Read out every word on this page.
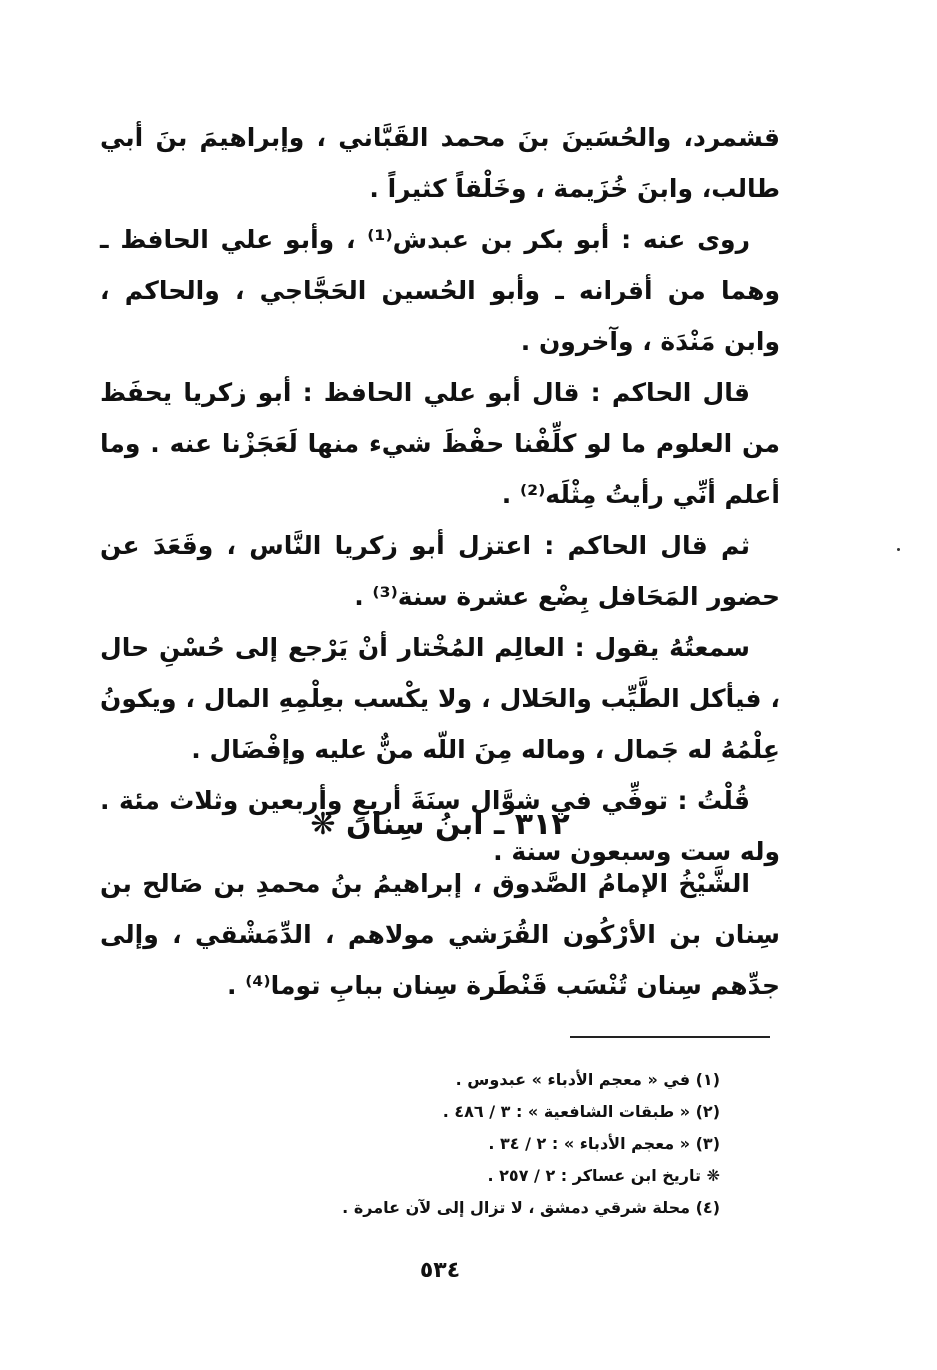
قشمرد، والحُسَينَ بنَ محمد القَبَّاني ، وإبراهيمَ بنَ أبي طالب، وابنَ خُزَيمة ، وخَلْقاً كثيراً .

روى عنه : أبو بكر بن عبدش⁽¹⁾ ، وأبو علي الحافظ ـ وهما من أقرانه ـ وأبو الحُسين الحَجَّاجي ، والحاكم ، وابن مَنْدَة ، وآخرون .

قال الحاكم : قال أبو علي الحافظ : أبو زكريا يحفَظ من العلوم ما لو كلِّفْنا حفْظَ شيء منها لَعَجَزْنا عنه . وما أعلم أنِّي رأيتُ مِثْلَه⁽²⁾ .

ثم قال الحاكم : اعتزل أبو زكريا النَّاس ، وقَعَدَ عن حضور المَحَافل بِضْع عشرة سنة⁽³⁾ .

سمعتُهُ يقول : العالِم المُخْتار أنْ يَرْجع إلى حُسْنِ حال ، فيأكل الطَّيِّب والحَلال ، ولا يكْسب بعِلْمِهِ المال ، ويكونُ عِلْمُهُ له جَمال ، وماله مِنَ اللّه منٌّ عليه وإفْضَال .

قُلْتُ : توفِّي في شوَّال سنَةَ أربعٍ وأربعين وثلاث مئة . وله ست وسبعون سنة .

٣١٢ ـ ابنُ سِنان ❋

الشَّيْخُ الإمامُ الصَّدوق ، إبراهيمُ بنُ محمدِ بن صَالح بن سِنان بن الأرْكُون القُرَشي مولاهم ، الدِّمَشْقي ، وإلى جدِّهم سِنان تُنْسَب قَنْطَرة سِنان ببابِ توما⁽⁴⁾ .

(١) في « معجم الأدباء » عبدوس .

(٢) « طبقات الشافعية » : ٣ / ٤٨٦ .

(٣) « معجم الأدباء » : ٢ / ٣٤ .

❋ تاريخ ابن عساكر : ٢ / ٢٥٧ .

(٤) محلة شرقي دمشق ، لا تزال إلى لآن عامرة .

٥٣٤
